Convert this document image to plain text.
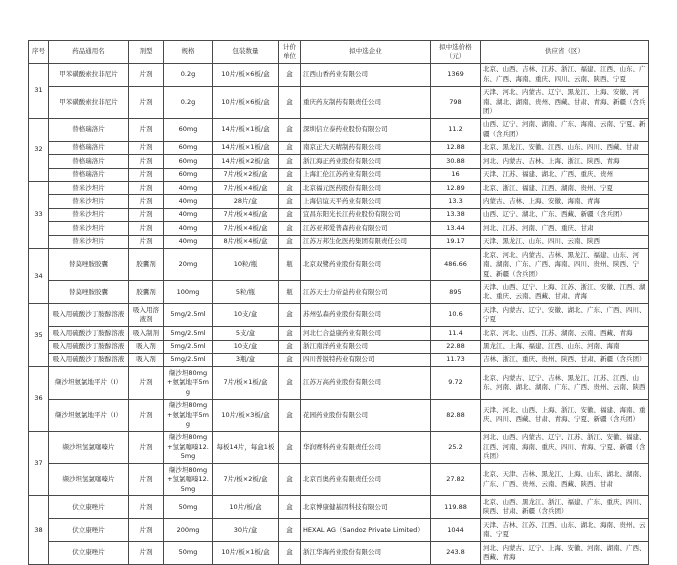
序号	药品通用名	剂型	规格	包装数量	计价单位	拟中选企业	拟中选价格（元）	供应省（区）
31	甲苯磺酸索拉非尼片	片剂	0.2g	10片/板×6板/盒	盒	江西山香药业有限公司	1369	北京、山西、吉林、江苏、浙江、福建、江西、山东、广东、广西、海南、重庆、四川、云南、陕西、宁夏
	甲苯磺酸索拉非尼片	片剂	0.2g	10片/板×6板/盒	盒	重庆药友制药有限责任公司	798	天津、河北、内蒙古、辽宁、黑龙江、上海、安徽、河南、湖北、湖南、贵州、西藏、甘肃、青海、新疆（含兵团）
32	替格瑞洛片	片剂	60mg	14片/板×1板/盒	盒	深圳信立泰药业股份有限公司	11.2	山西、辽宁、河南、湖南、广东、海南、云南、宁夏、新疆（含兵团）
	替格瑞洛片	片剂	60mg	14片/板×1板/盒	盒	南京正大天晴制药有限公司	12.88	北京、黑龙江、安徽、江西、山东、四川、西藏、甘肃
	替格瑞洛片	片剂	60mg	14片/板×2板/盒	盒	浙江海正药业股份有限公司	30.88	河北、内蒙古、吉林、上海、浙江、陕西、青海
	替格瑞洛片	片剂	60mg	7片/板×2板/盒	盒	上海汇伦江苏药业有限公司	16	天津、江苏、福建、湖北、广西、重庆、贵州
33	替米沙坦片	片剂	40mg	7片/板×4板/盒	盒	北京福元医药股份有限公司	12.89	北京、浙江、福建、江西、湖南、贵州、宁夏
	替米沙坦片	片剂	40mg	28片/盒	盒	上海信谊天平药业有限公司	13.3	内蒙古、吉林、上海、安徽、海南、青海
	替米沙坦片	片剂	40mg	7片/板×4板/盒	盒	宜昌东阳光长江药业股份有限公司	13.38	山西、辽宁、湖北、广东、西藏、新疆（含兵团）
	替米沙坦片	片剂	40mg	7片/板×4板/盒	盒	江苏亚邦爱普森药业有限公司	13.44	河北、江苏、河南、广西、重庆、甘肃
	替米沙坦片	片剂	40mg	8片/板×4板/盒	盒	江苏万邦生化医药集团有限责任公司	19.17	天津、黑龙江、山东、四川、云南、陕西
34	替莫唑胺胶囊	胶囊剂	20mg	10粒/瓶	瓶	北京双鹭药业股份有限公司	486.66	北京、河北、内蒙古、吉林、黑龙江、福建、山东、河南、湖南、广东、广西、海南、四川、贵州、陕西、宁夏、新疆（含兵团）
	替莫唑胺胶囊	胶囊剂	100mg	5粒/瓶	瓶	江苏天士力帝益药业有限公司	895	天津、山西、辽宁、上海、江苏、浙江、安徽、江西、湖北、重庆、云南、西藏、甘肃、青海
35	吸入用硫酸沙丁胺醇溶液	吸入用溶液剂	5mg/2.5ml	10支/盒	盒	苏州弘森药业股份有限公司	10.6	天津、内蒙古、辽宁、安徽、湖北、广东、广西、四川、宁夏
	吸入用硫酸沙丁胺醇溶液	吸入制剂	5mg/2.5ml	5支/盒	盒	河北仁合益康药业有限公司	11.4	北京、河北、山西、江苏、湖南、云南、西藏、青海
	吸入用硫酸沙丁胺醇溶液	吸入剂	5mg/2.5ml	10支/盒	盒	浙江南洋药业有限公司	22.88	黑龙江、上海、福建、江西、山东、河南、海南
	吸入用硫酸沙丁胺醇溶液	吸入剂	5mg/2.5ml	3瓶/盒	盒	四川普锐特药业有限公司	11.73	吉林、浙江、重庆、贵州、陕西、甘肃、新疆（含兵团）
36	缬沙坦氨氯地平片（Ⅰ）	片剂	缬沙坦80mg+氨氯地平5mg	7片/板×1板/盒	盒	江苏万高药业股份有限公司	9.72	北京、内蒙古、辽宁、吉林、黑龙江、江苏、江西、山东、河南、湖北、湖南、广东、广西、贵州、云南、陕西
	缬沙坦氨氯地平片（Ⅰ）	片剂	缬沙坦80mg+氨氯地平5mg	10片/板×3板/盒	盒	花园药业股份有限公司	82.88	天津、河北、山西、上海、浙江、安徽、福建、海南、重庆、四川、西藏、甘肃、青海、宁夏、新疆（含兵团）
37	缬沙坦氢氯噻嗪片	片剂	缬沙坦80mg+氢氯噻嗪12.5mg	每板14片，每盒1板	盒	华润赛科药业有限责任公司	25.2	河北、山西、内蒙古、辽宁、江苏、浙江、安徽、福建、江西、河南、海南、重庆、四川、青海、宁夏、新疆（含兵团）
	缬沙坦氢氯噻嗪片	片剂	缬沙坦80mg+氢氯噻嗪12.5mg	7片/板×2板/盒	盒	北京百奥药业有限责任公司	27.82	北京、天津、吉林、黑龙江、上海、山东、湖北、湖南、广东、广西、贵州、云南、西藏、陕西、甘肃
38	伏立康唑片	片剂	50mg	10片/板/盒	盒	北京博康健基因科技有限公司	119.88	北京、山西、黑龙江、浙江、福建、广东、重庆、四川、陕西、甘肃、新疆（含兵团）
	伏立康唑片	片剂	200mg	30片/盒	盒	HEXAL AG（Sandoz Private Limited）	1044	天津、吉林、江苏、江西、山东、湖北、海南、贵州、云南、宁夏
	伏立康唑片	片剂	50mg	10片/板×1板/盒	盒	浙江华海药业股份有限公司	243.8	河北、内蒙古、辽宁、上海、安徽、河南、湖南、广西、西藏、青海
